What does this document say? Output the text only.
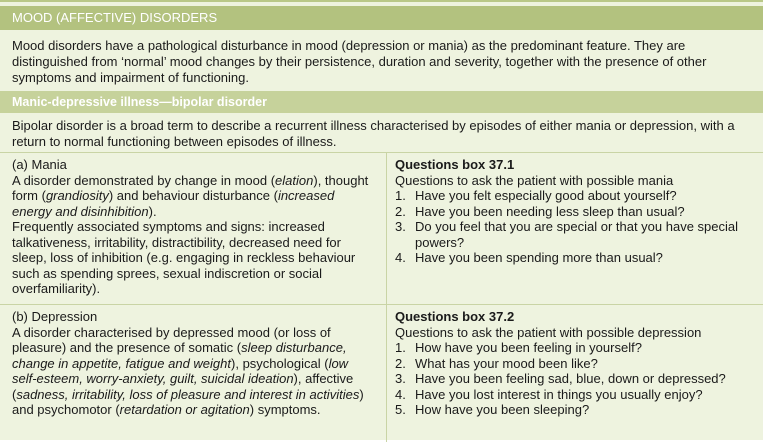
MOOD (AFFECTIVE) DISORDERS

Mood disorders have a pathological disturbance in mood (depression or mania) as the predominant feature. They are distinguished from ‘normal’ mood changes by their persistence, duration and severity, together with the presence of other symptoms and impairment of functioning.

Manic-depressive illness—bipolar disorder

Bipolar disorder is a broad term to describe a recurrent illness characterised by episodes of either mania or depression, with a return to normal functioning between episodes of illness.

(a) Mania
A disorder demonstrated by change in mood (elation), thought form (grandiosity) and behaviour disturbance (increased energy and disinhibition).
Frequently associated symptoms and signs: increased talkativeness, irritability, distractibility, decreased need for sleep, loss of inhibition (e.g. engaging in reckless behaviour such as spending sprees, sexual indiscretion or social overfamiliarity).
Questions box 37.1
Questions to ask the patient with possible mania
1. Have you felt especially good about yourself?
2. Have you been needing less sleep than usual?
3. Do you feel that you are special or that you have special powers?
4. Have you been spending more than usual?
(b) Depression
A disorder characterised by depressed mood (or loss of pleasure) and the presence of somatic (sleep disturbance, change in appetite, fatigue and weight), psychological (low self-esteem, worry-anxiety, guilt, suicidal ideation), affective (sadness, irritability, loss of pleasure and interest in activities) and psychomotor (retardation or agitation) symptoms.
Questions box 37.2
Questions to ask the patient with possible depression
1. How have you been feeling in yourself?
2. What has your mood been like?
3. Have you been feeling sad, blue, down or depressed?
4. Have you lost interest in things you usually enjoy?
5. How have you been sleeping?
